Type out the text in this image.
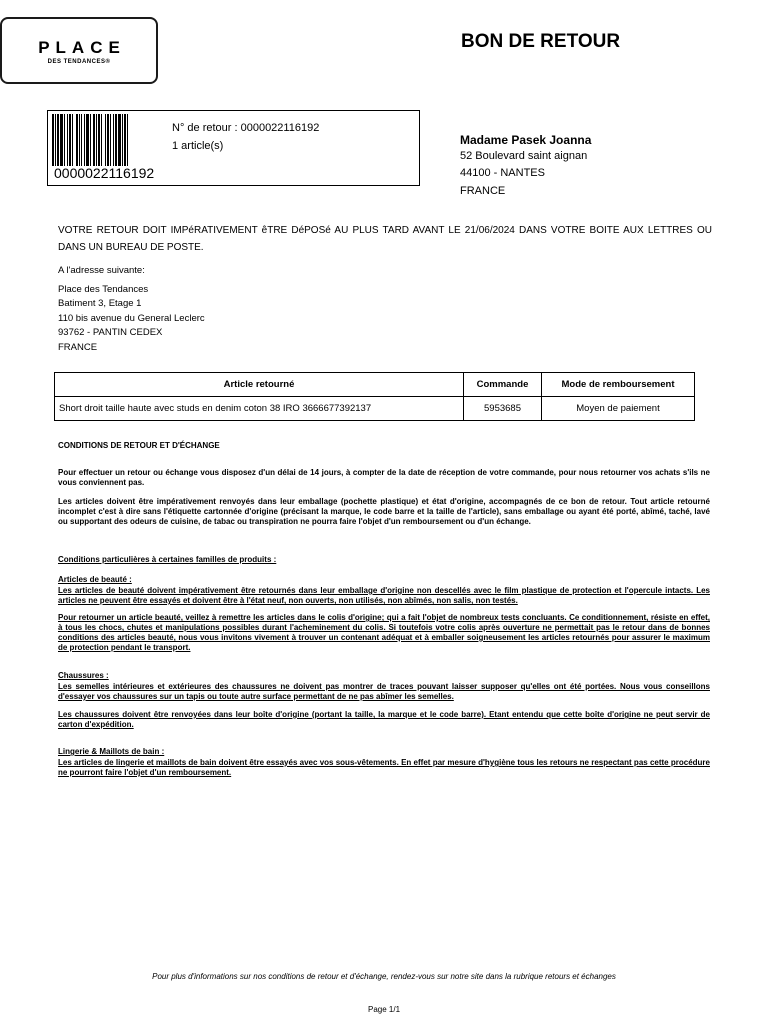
PLACE
DES TENDANCES®
BON DE RETOUR
0000022116192
N° de retour : 0000022116192
1 article(s)	Madame Pasek Joanna
52 Boulevard saint aignan
44100 - NANTES
FRANCE
VOTRE RETOUR DOIT IMPéRATIVEMENT êTRE DéPOSé AU PLUS TARD AVANT LE 21/06/2024 DANS VOTRE BOITE AUX LETTRES OU DANS UN BUREAU DE POSTE.
A l'adresse suivante:
Place des Tendances
Batiment 3, Etage 1
110 bis avenue du General Leclerc
93762 - PANTIN CEDEX
FRANCE
Article retourné	Commande	Mode de remboursement
Short droit taille haute avec studs en denim coton 38 IRO 3666677392137	5953685	Moyen de paiement
CONDITIONS DE RETOUR ET D'ÉCHANGE
Pour effectuer un retour ou échange vous disposez d'un délai de 14 jours, à compter de la date de réception de votre commande, pour nous retourner vos achats s'ils ne vous conviennent pas.
Les articles doivent être impérativement renvoyés dans leur emballage (pochette plastique) et état d'origine, accompagnés de ce bon de retour. Tout article retourné incomplet c'est à dire sans l'étiquette cartonnée d'origine (précisant la marque, le code barre et la taille de l'article), sans emballage ou ayant été porté, abîmé, taché, lavé ou supportant des odeurs de cuisine, de tabac ou transpiration ne pourra faire l'objet d'un remboursement ou d'un échange.
Conditions particulières à certaines familles de produits :
Articles de beauté :
Les articles de beauté doivent impérativement être retournés dans leur emballage d'origine non descellés avec le film plastique de protection et l'opercule intacts. Les articles ne peuvent être essayés et doivent être à l'état neuf, non ouverts, non utilisés, non abîmés, non salis, non testés.
Pour retourner un article beauté, veillez à remettre les articles dans le colis d'origine; qui a fait l'objet de nombreux tests concluants. Ce conditionnement, résiste en effet, à tous les chocs, chutes et manipulations possibles durant l'acheminement du colis. Si toutefois votre colis après ouverture ne permettait pas le retour dans de bonnes conditions des articles beauté, nous vous invitons vivement à trouver un contenant adéquat et à emballer soigneusement les articles retournés pour assurer le maximum de protection pendant le transport.
Chaussures :
Les semelles intérieures et extérieures des chaussures ne doivent pas montrer de traces pouvant laisser supposer qu'elles ont été portées. Nous vous conseillons d'essayer vos chaussures sur un tapis ou toute autre surface permettant de ne pas abîmer les semelles.
Les chaussures doivent être renvoyées dans leur boîte d'origine (portant la taille, la marque et le code barre). Etant entendu que cette boîte d'origine ne peut servir de carton d'expédition.
Lingerie & Maillots de bain :
Les articles de lingerie et maillots de bain doivent être essayés avec vos sous-vêtements. En effet par mesure d'hygiène tous les retours ne respectant pas cette procédure ne pourront faire l'objet d'un remboursement.
Pour plus d'informations sur nos conditions de retour et d'échange, rendez-vous sur notre site dans la rubrique retours et échanges
Page 1/1
